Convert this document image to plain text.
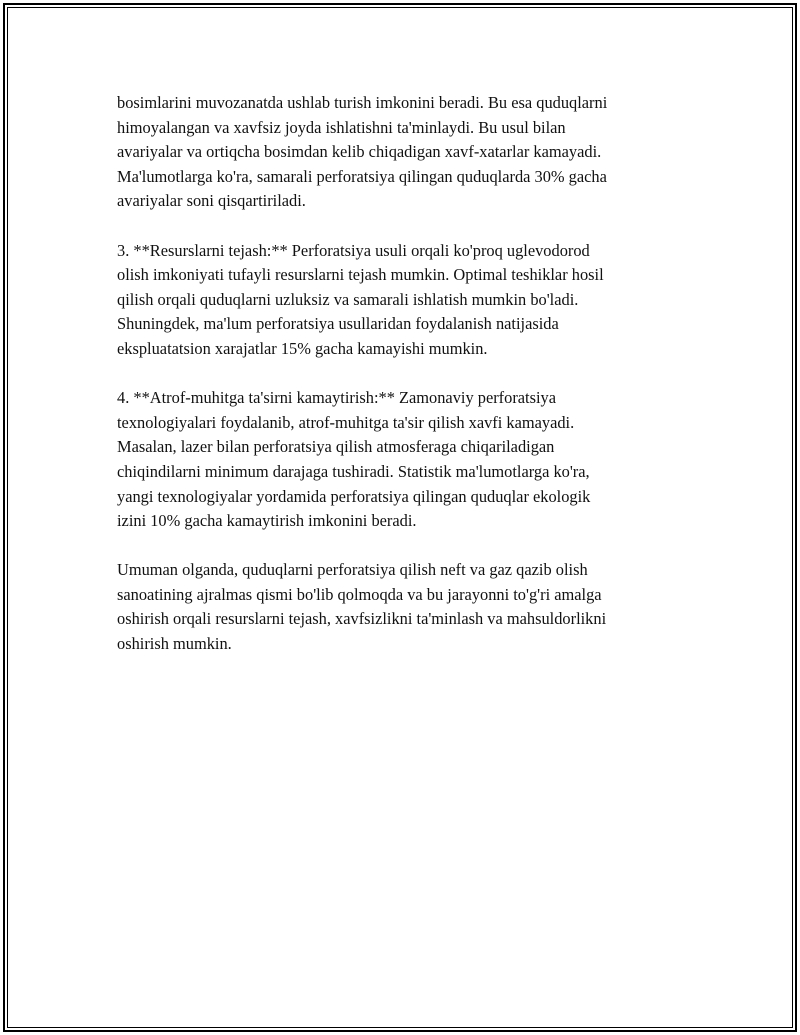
bosimlarini muvozanatda ushlab turish imkonini beradi. Bu esa quduqlarni
himoyalangan va xavfsiz joyda ishlatishni ta'minlaydi. Bu usul bilan
avariyalar va ortiqcha bosimdan kelib chiqadigan xavf-xatarlar kamayadi.
Ma'lumotlarga ko'ra, samarali perforatsiya qilingan quduqlarda 30% gacha
avariyalar soni qisqartiriladi.

3. **Resurslarni tejash:** Perforatsiya usuli orqali ko'proq uglevodorod
olish imkoniyati tufayli resurslarni tejash mumkin. Optimal teshiklar hosil
qilish orqali quduqlarni uzluksiz va samarali ishlatish mumkin bo'ladi.
Shuningdek, ma'lum perforatsiya usullaridan foydalanish natijasida
ekspluatatsion xarajatlar 15% gacha kamayishi mumkin.

4. **Atrof-muhitga ta'sirni kamaytirish:** Zamonaviy perforatsiya
texnologiyalari foydalanib, atrof-muhitga ta'sir qilish xavfi kamayadi.
Masalan, lazer bilan perforatsiya qilish atmosferaga chiqariladigan
chiqindilarni minimum darajaga tushiradi. Statistik ma'lumotlarga ko'ra,
yangi texnologiyalar yordamida perforatsiya qilingan quduqlar ekologik
izini 10% gacha kamaytirish imkonini beradi.

Umuman olganda, quduqlarni perforatsiya qilish neft va gaz qazib olish
sanoatining ajralmas qismi bo'lib qolmoqda va bu jarayonni to'g'ri amalga
oshirish orqali resurslarni tejash, xavfsizlikni ta'minlash va mahsuldorlikni
oshirish mumkin.
